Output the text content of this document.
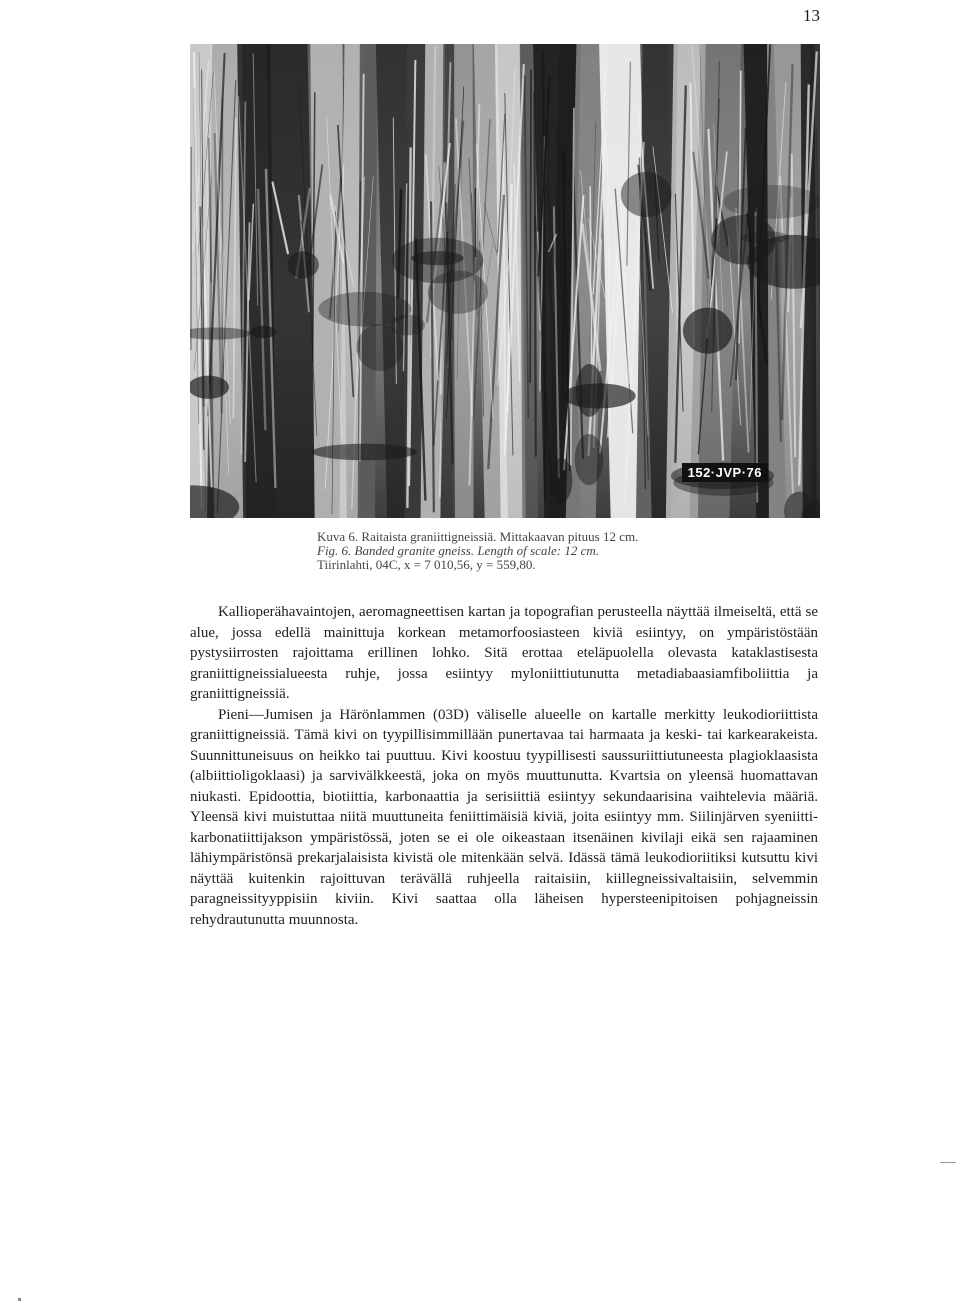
13
152·JVP·76
Kuva 6. Raitaista graniittigneissiä. Mittakaavan pituus 12 cm.
Fig. 6. Banded granite gneiss. Length of scale: 12 cm.
Tiirinlahti, 04C, x = 7 010,56, y = 559,80.

Kallioperähavaintojen, aeromagneettisen kartan ja topografian perusteella näyttää ilmeiseltä, että se alue, jossa edellä mainittuja korkean metamorfoosiasteen kiviä esiintyy, on ympäristöstään pystysiirrosten rajoittama erillinen lohko. Sitä erottaa eteläpuolella olevasta kataklastisesta graniittigneissialueesta ruhje, jossa esiintyy myloniittiutunutta metadiabaasiamfiboliittia ja graniittigneissiä.

Pieni—Jumisen ja Härönlammen (03D) väliselle alueelle on kartalle merkitty leukodioriittista graniittigneissiä. Tämä kivi on tyypillisimmillään punertavaa tai harmaata ja keski- tai karkearakeista. Suunnittuneisuus on heikko tai puuttuu. Kivi koostuu tyypillisesti saussuriittiutuneesta plagioklaasista (albiittioligoklaasi) ja sarvivälkkeestä, joka on myös muuttunutta. Kvartsia on yleensä huomattavan niukasti. Epidoottia, biotiittia, karbonaattia ja serisiittiä esiintyy sekundaarisina vaihtelevia määriä. Yleensä kivi muistuttaa niitä muuttuneita feniittimäisiä kiviä, joita esiintyy mm. Siilinjärven syeniitti-karbonatiittijakson ympäristössä, joten se ei ole oikeastaan itsenäinen kivilaji eikä sen rajaaminen lähiympäristönsä prekarjalaisista kivistä ole mitenkään selvä. Idässä tämä leukodioriitiksi kutsuttu kivi näyttää kuitenkin rajoittuvan terävällä ruhjeella raitaisiin, kiillegneissivaltaisiin, selvemmin paragneissityyppisiin kiviin. Kivi saattaa olla läheisen hypersteenipitoisen pohjagneissin rehydrautunutta muunnosta.
